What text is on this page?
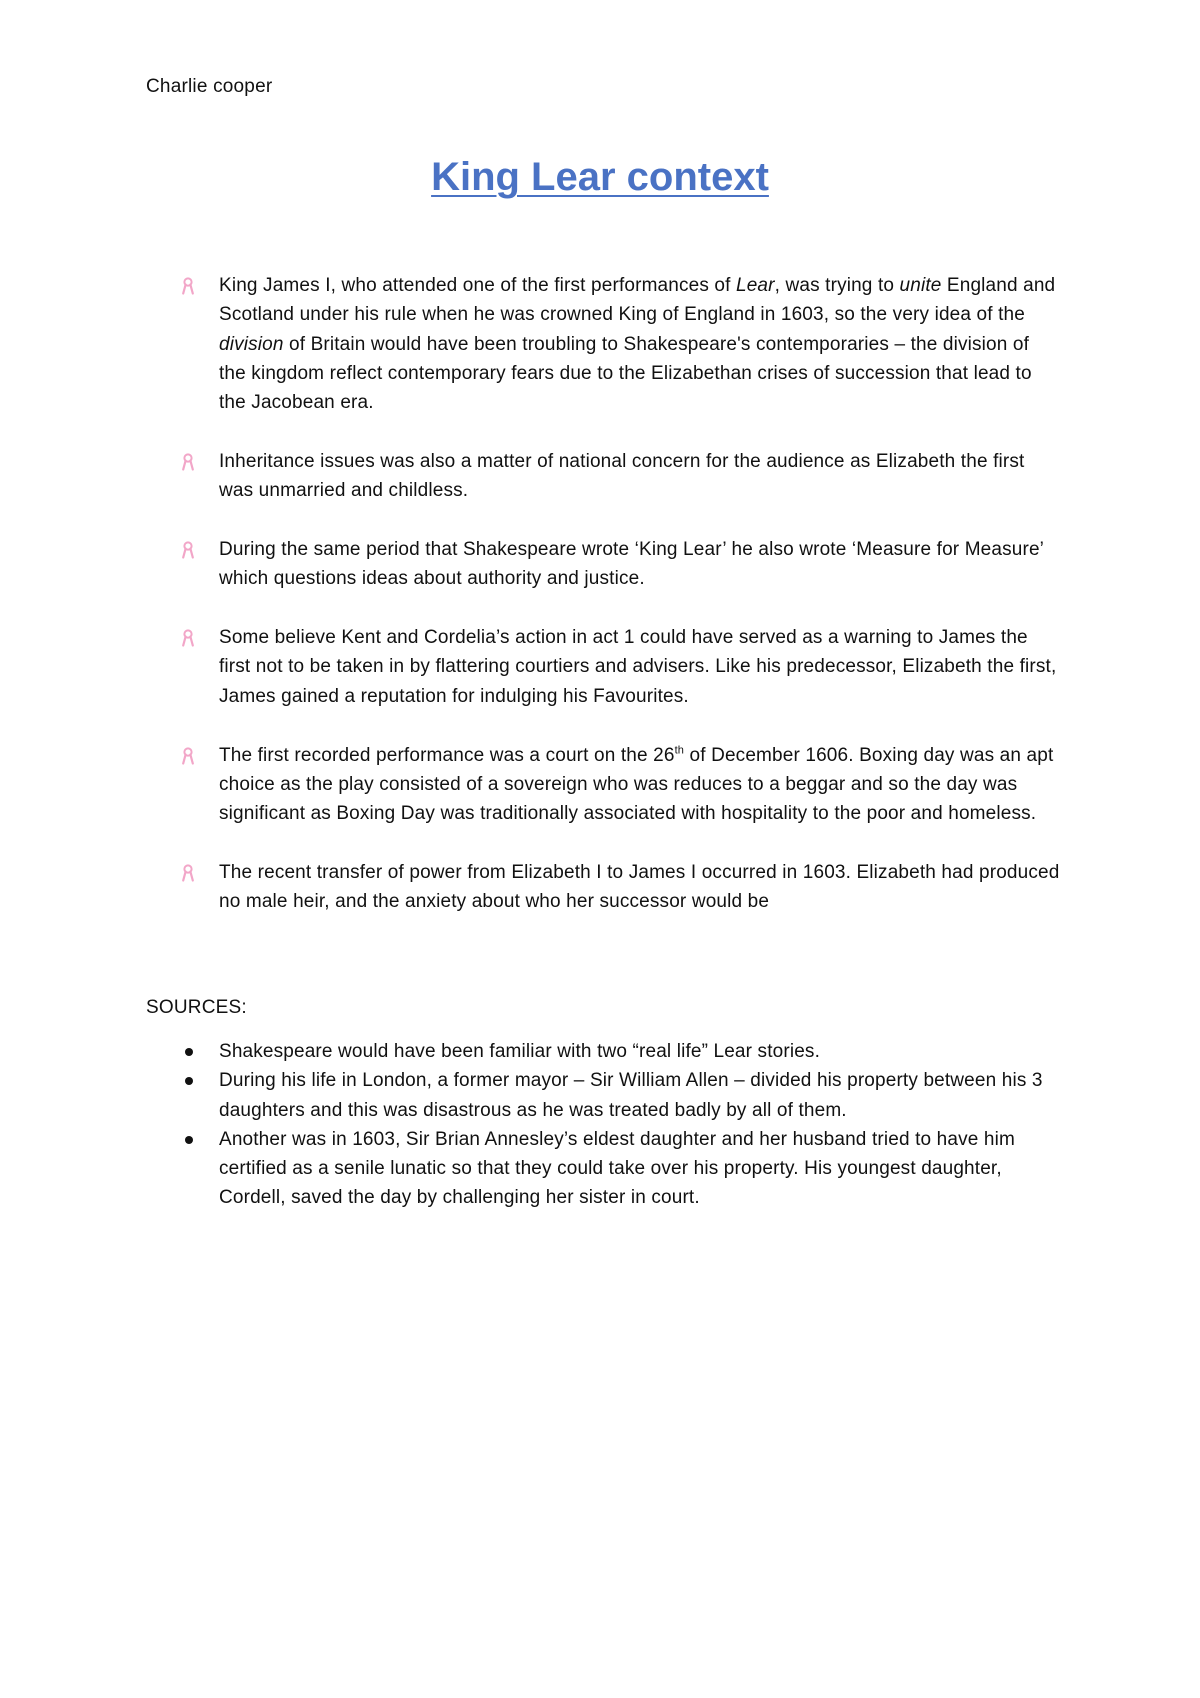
Charlie cooper
King Lear context
King James I, who attended one of the first performances of Lear, was trying to unite England and Scotland under his rule when he was crowned King of England in 1603, so the very idea of the division of Britain would have been troubling to Shakespeare's contemporaries – the division of the kingdom reflect contemporary fears due to the Elizabethan crises of succession that lead to the Jacobean era.
Inheritance issues was also a matter of national concern for the audience as Elizabeth the first was unmarried and childless.
During the same period that Shakespeare wrote ‘King Lear’ he also wrote ‘Measure for Measure’ which questions ideas about authority and justice.
Some believe Kent and Cordelia’s action in act 1 could have served as a warning to James the first not to be taken in by flattering courtiers and advisers. Like his predecessor, Elizabeth the first, James gained a reputation for indulging his Favourites.
The first recorded performance was a court on the 26th of December 1606. Boxing day was an apt choice as the play consisted of a sovereign who was reduces to a beggar and so the day was significant as Boxing Day was traditionally associated with hospitality to the poor and homeless.
The recent transfer of power from Elizabeth I to James I occurred in 1603. Elizabeth had produced no male heir, and the anxiety about who her successor would be
SOURCES:
Shakespeare would have been familiar with two “real life” Lear stories.
During his life in London, a former mayor – Sir William Allen – divided his property between his 3 daughters and this was disastrous as he was treated badly by all of them.
Another was in 1603, Sir Brian Annesley’s eldest daughter and her husband tried to have him certified as a senile lunatic so that they could take over his property. His youngest daughter, Cordell, saved the day by challenging her sister in court.
